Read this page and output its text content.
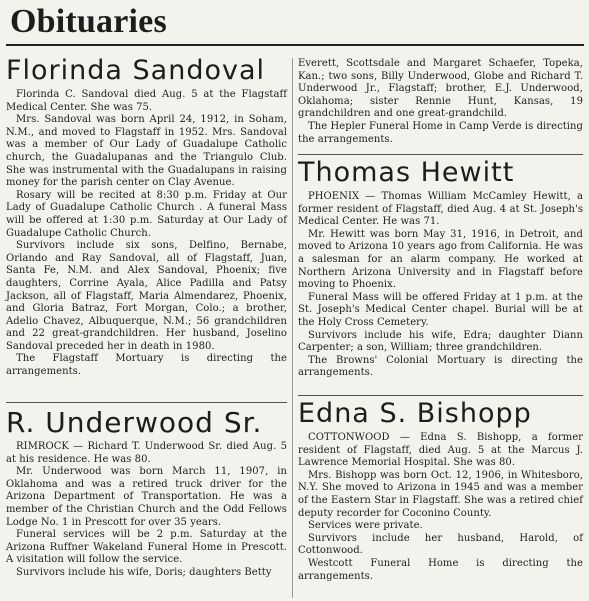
Obituaries
Florinda Sandoval

Florinda C. Sandoval died Aug. 5 at the Flagstaff Medical Center. She was 75.

Mrs. Sandoval was born April 24, 1912, in Soham, N.M., and moved to Flagstaff in 1952. Mrs. Sandoval was a member of Our Lady of Guadalupe Catholic church, the Guadalupanas and the Triangulo Club. She was instrumental with the Guadalupans in raising money for the parish center on Clay Avenue.

Rosary will be recited at 8:30 p.m. Friday at Our Lady of Guadalupe Catholic Church . A funeral Mass will be offered at 1:30 p.m. Saturday at Our Lady of Guadalupe Catholic Church.

Survivors include six sons, Delfino, Bernabe, Orlando and Ray Sandoval, all of Flagstaff, Juan, Santa Fe, N.M. and Alex Sandoval, Phoenix; five daughters, Corrine Ayala, Alice Padilla and Patsy Jackson, all of Flagstaff, Maria Almendarez, Phoenix, and Gloria Batraz, Fort Morgan, Colo.; a brother, Adelio Chavez, Albuquerque, N.M.; 56 grandchildren and 22 great-grandchildren. Her husband, Joselino Sandoval preceded her in death in 1980.

The Flagstaff Mortuary is directing the arrangements.

R. Underwood Sr.

RIMROCK — Richard T. Underwood Sr. died Aug. 5 at his residence. He was 80.

Mr. Underwood was born March 11, 1907, in Oklahoma and was a retired truck driver for the Arizona Department of Transportation. He was a member of the Christian Church and the Odd Fellows Lodge No. 1 in Prescott for over 35 years.

Funeral services will be 2 p.m. Saturday at the Arizona Ruffner Wakeland Funeral Home in Prescott. A visitation will follow the service.

Survivors include his wife, Doris; daughters Betty

Everett, Scottsdale and Margaret Schaefer, Topeka, Kan.; two sons, Billy Underwood, Globe and Richard T. Underwood Jr., Flagstaff; brother, E.J. Underwood, Oklahoma; sister Rennie Hunt, Kansas, 19 grandchildren and one great-grandchild.

The Hepler Funeral Home in Camp Verde is directing the arrangements.

Thomas Hewitt

PHOENIX — Thomas William McCamley Hewitt, a former resident of Flagstaff, died Aug. 4 at St. Joseph's Medical Center. He was 71.

Mr. Hewitt was born May 31, 1916, in Detroit, and moved to Arizona 10 years ago from California. He was a salesman for an alarm company. He worked at Northern Arizona University and in Flagstaff before moving to Phoenix.

Funeral Mass will be offered Friday at 1 p.m. at the St. Joseph's Medical Center chapel. Burial will be at the Holy Cross Cemetery.

Survivors include his wife, Edra; daughter Diann Carpenter; a son, William; three grandchildren.

The Browns' Colonial Mortuary is directing the arrangements.

Edna S. Bishopp

COTTONWOOD — Edna S. Bishopp, a former resident of Flagstaff, died Aug. 5 at the Marcus J. Lawrence Memorial Hospital. She was 80.

Mrs. Bishopp was born Oct. 12, 1906, in Whitesboro, N.Y. She moved to Arizona in 1945 and was a member of the Eastern Star in Flagstaff. She was a retired chief deputy recorder for Coconino County.

Services were private.

Survivors include her husband, Harold, of Cottonwood.

Westcott Funeral Home is directing the arrangements.
